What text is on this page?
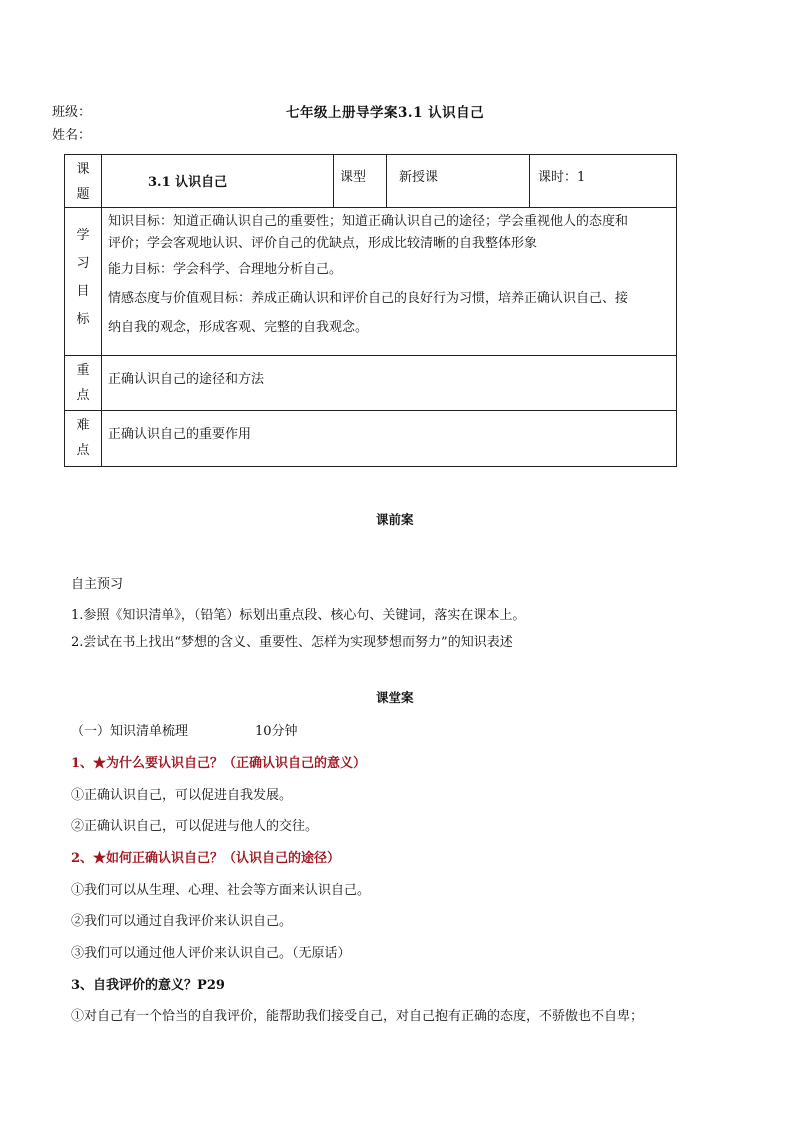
班级：	七年级上册导学案3.1 认识自己
姓名：
课
题	3.1 认识自己	课型	新授课	课时：1

学
习
目
标	知识目标：知道正确认识自己的重要性；知道正确认识自己的途径；学会重视他人的态度和
评价；学会客观地认识、评价自己的优缺点，形成比较清晰的自我整体形象
能力目标：学会科学、合理地分析自己。
情感态度与价值观目标：养成正确认识和评价自己的良好行为习惯，培养正确认识自己、接
纳自我的观念，形成客观、完整的自我观念。			

重
点	正确认识自己的途径和方法			

难
点	正确认识自己的重要作用			
课前案
自主预习
1.参照《知识清单》，（铅笔）标划出重点段、核心句、关键词，落实在课本上。
2.尝试在书上找出“梦想的含义、重要性、怎样为实现梦想而努力”的知识表述
课堂案
（一）知识清单梳理	10分钟
1、★为什么要认识自己？（正确认识自己的意义）
①正确认识自己，可以促进自我发展。
②正确认识自己，可以促进与他人的交往。
2、★如何正确认识自己？（认识自己的途径）
①我们可以从生理、心理、社会等方面来认识自己。
②我们可以通过自我评价来认识自己。
③我们可以通过他人评价来认识自己。（无原话）
3、自我评价的意义？P29
①对自己有一个恰当的自我评价，能帮助我们接受自己，对自己抱有正确的态度，不骄傲也不自卑；
